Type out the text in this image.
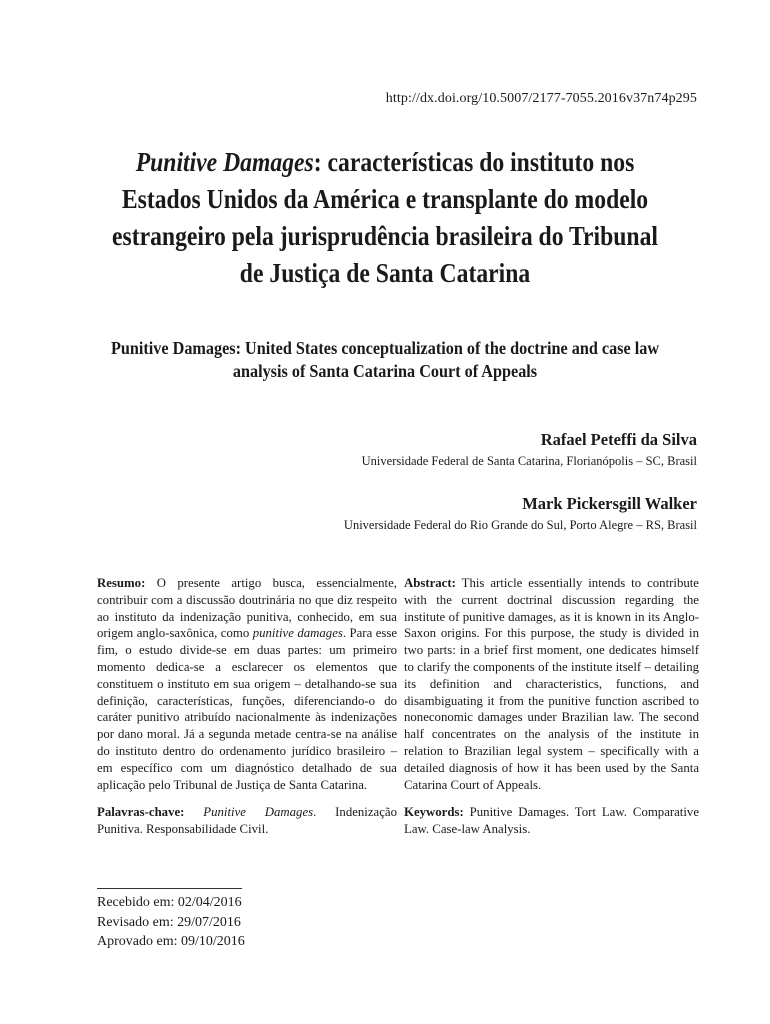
http://dx.doi.org/10.5007/2177-7055.2016v37n74p295
Punitive Damages: características do instituto nos Estados Unidos da América e transplante do modelo estrangeiro pela jurisprudência brasileira do Tribunal de Justiça de Santa Catarina
Punitive Damages: United States conceptualization of the doctrine and case law analysis of Santa Catarina Court of Appeals
Rafael Peteffi da Silva
Universidade Federal de Santa Catarina, Florianópolis – SC, Brasil
Mark Pickersgill Walker
Universidade Federal do Rio Grande do Sul, Porto Alegre – RS, Brasil

Resumo: O presente artigo busca, essencialmente, contribuir com a discussão doutrinária no que diz respeito ao instituto da indenização punitiva, conhecido, em sua origem anglo-saxônica, como punitive damages. Para esse fim, o estudo divide-se em duas partes: um primeiro momento dedica-se a esclarecer os elementos que constituem o instituto em sua origem – detalhando-se sua definição, características, funções, diferenciando-o do caráter punitivo atribuído nacionalmente às indenizações por dano moral. Já a segunda metade centra-se na análise do instituto dentro do ordenamento jurídico brasileiro – em específico com um diagnóstico detalhado de sua aplicação pelo Tribunal de Justiça de Santa Catarina.

Palavras-chave: Punitive Damages. Indenização Punitiva. Responsabilidade Civil.

Abstract: This article essentially intends to contribute with the current doctrinal discussion regarding the institute of punitive damages, as it is known in its Anglo-Saxon origins. For this purpose, the study is divided in two parts: in a brief first moment, one dedicates himself to clarify the components of the institute itself – detailing its definition and characteristics, functions, and disambiguating it from the punitive function ascribed to noneconomic damages under Brazilian law. The second half concentrates on the analysis of the institute in relation to Brazilian legal system – specifically with a detailed diagnosis of how it has been used by the Santa Catarina Court of Appeals.

Keywords: Punitive Damages. Tort Law. Comparative Law. Case-law Analysis.

Recebido em: 02/04/2016
Revisado em: 29/07/2016
Aprovado em: 09/10/2016
